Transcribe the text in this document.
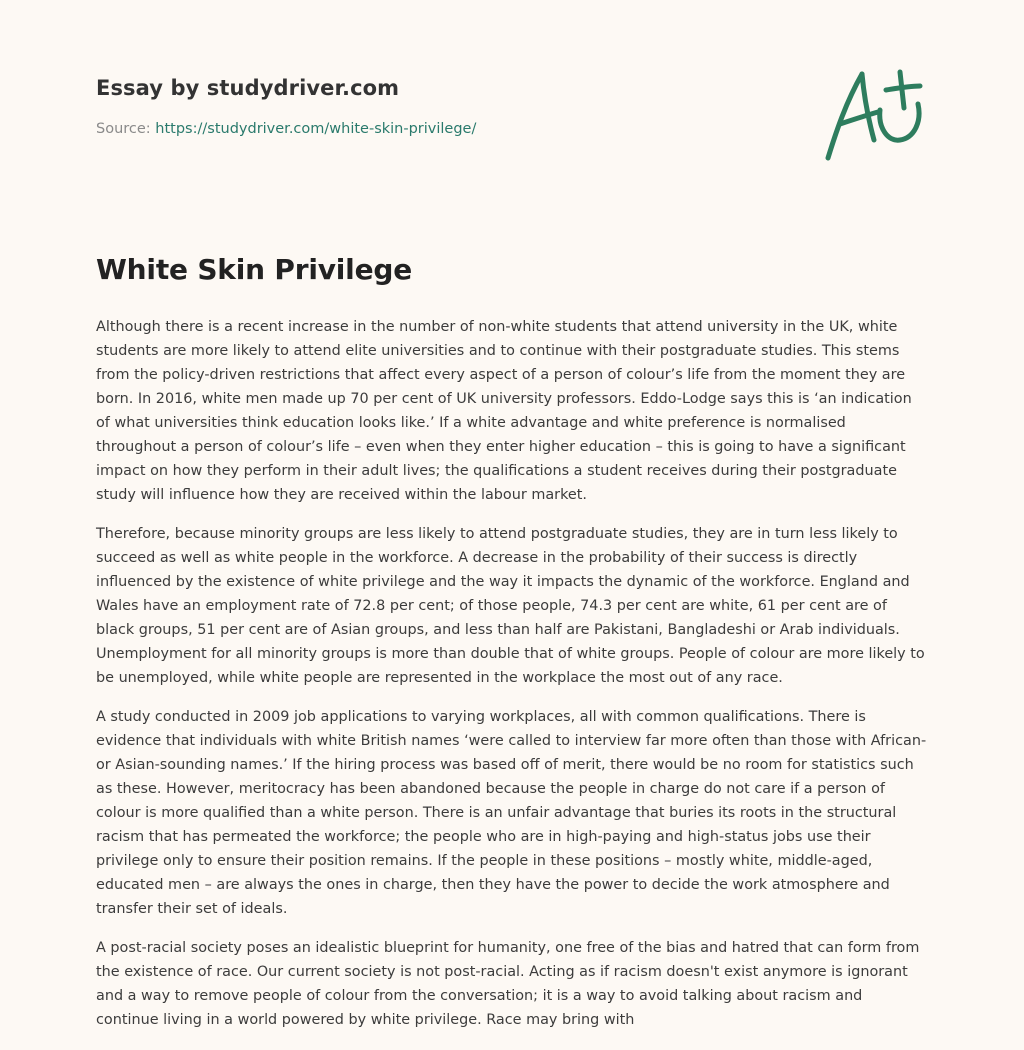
Essay by studydriver.com
Source: https://studydriver.com/white-skin-privilege/
White Skin Privilege

Although there is a recent increase in the number of non-white students that attend university in the UK, white students are more likely to attend elite universities and to continue with their postgraduate studies. This stems from the policy-driven restrictions that affect every aspect of a person of colour’s life from the moment they are born. In 2016, white men made up 70 per cent of UK university professors. Eddo-Lodge says this is ‘an indication of what universities think education looks like.’ If a white advantage and white preference is normalised throughout a person of colour’s life – even when they enter higher education – this is going to have a significant impact on how they perform in their adult lives; the qualifications a student receives during their postgraduate study will influence how they are received within the labour market.

Therefore, because minority groups are less likely to attend postgraduate studies, they are in turn less likely to succeed as well as white people in the workforce. A decrease in the probability of their success is directly influenced by the existence of white privilege and the way it impacts the dynamic of the workforce. England and Wales have an employment rate of 72.8 per cent; of those people, 74.3 per cent are white, 61 per cent are of black groups, 51 per cent are of Asian groups, and less than half are Pakistani, Bangladeshi or Arab individuals. Unemployment for all minority groups is more than double that of white groups. People of colour are more likely to be unemployed, while white people are represented in the workplace the most out of any race.

A study conducted in 2009 job applications to varying workplaces, all with common qualifications. There is evidence that individuals with white British names ‘were called to interview far more often than those with African- or Asian-sounding names.’ If the hiring process was based off of merit, there would be no room for statistics such as these. However, meritocracy has been abandoned because the people in charge do not care if a person of colour is more qualified than a white person. There is an unfair advantage that buries its roots in the structural racism that has permeated the workforce; the people who are in high-paying and high-status jobs use their privilege only to ensure their position remains. If the people in these positions – mostly white, middle-aged, educated men – are always the ones in charge, then they have the power to decide the work atmosphere and transfer their set of ideals.

A post-racial society poses an idealistic blueprint for humanity, one free of the bias and hatred that can form from the existence of race. Our current society is not post-racial. Acting as if racism doesn't exist anymore is ignorant and a way to remove people of colour from the conversation; it is a way to avoid talking about racism and continue living in a world powered by white privilege. Race may bring with
